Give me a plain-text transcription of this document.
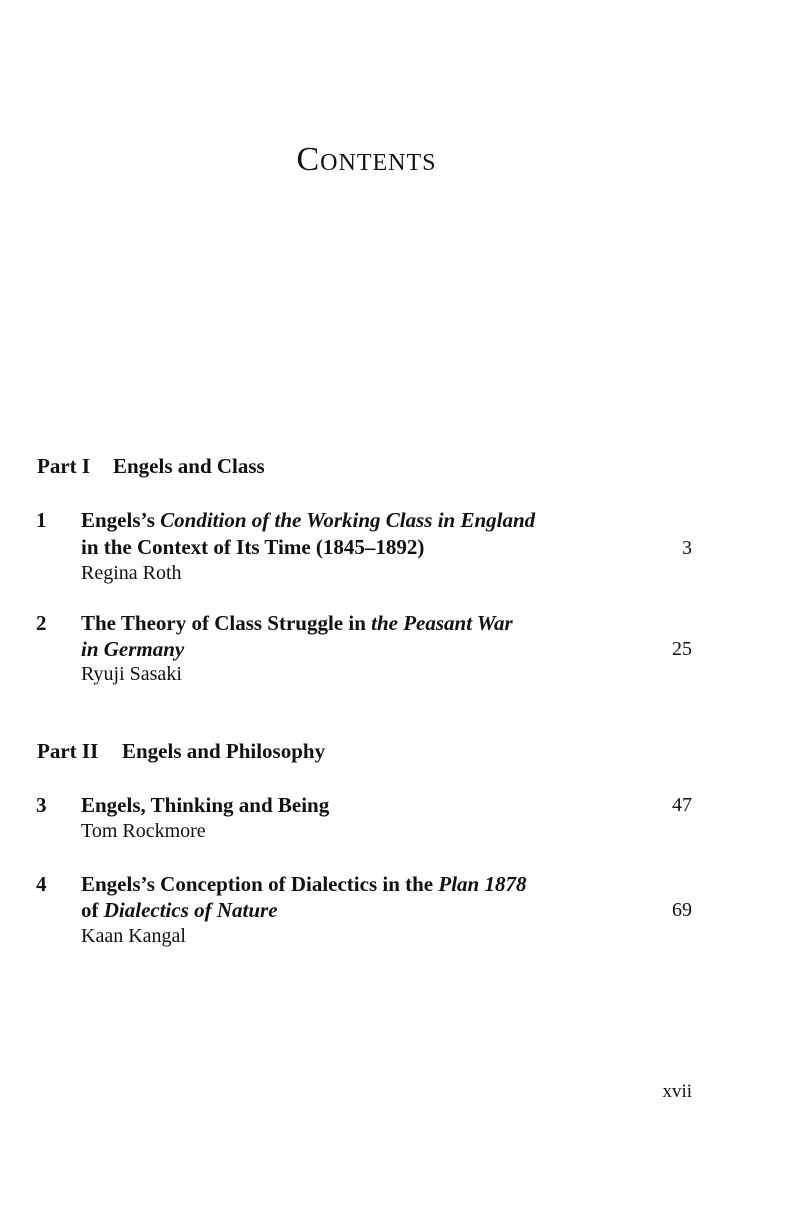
Contents
Part I Engels and Class
1 Engels’s Condition of the Working Class in England
in the Context of Its Time (1845–1892)	3
Regina Roth
2 The Theory of Class Struggle in the Peasant War
in Germany	25
Ryuji Sasaki
Part II Engels and Philosophy
3 Engels, Thinking and Being	47
Tom Rockmore
4 Engels’s Conception of Dialectics in the Plan 1878
of Dialectics of Nature	69
Kaan Kangal
xvii
